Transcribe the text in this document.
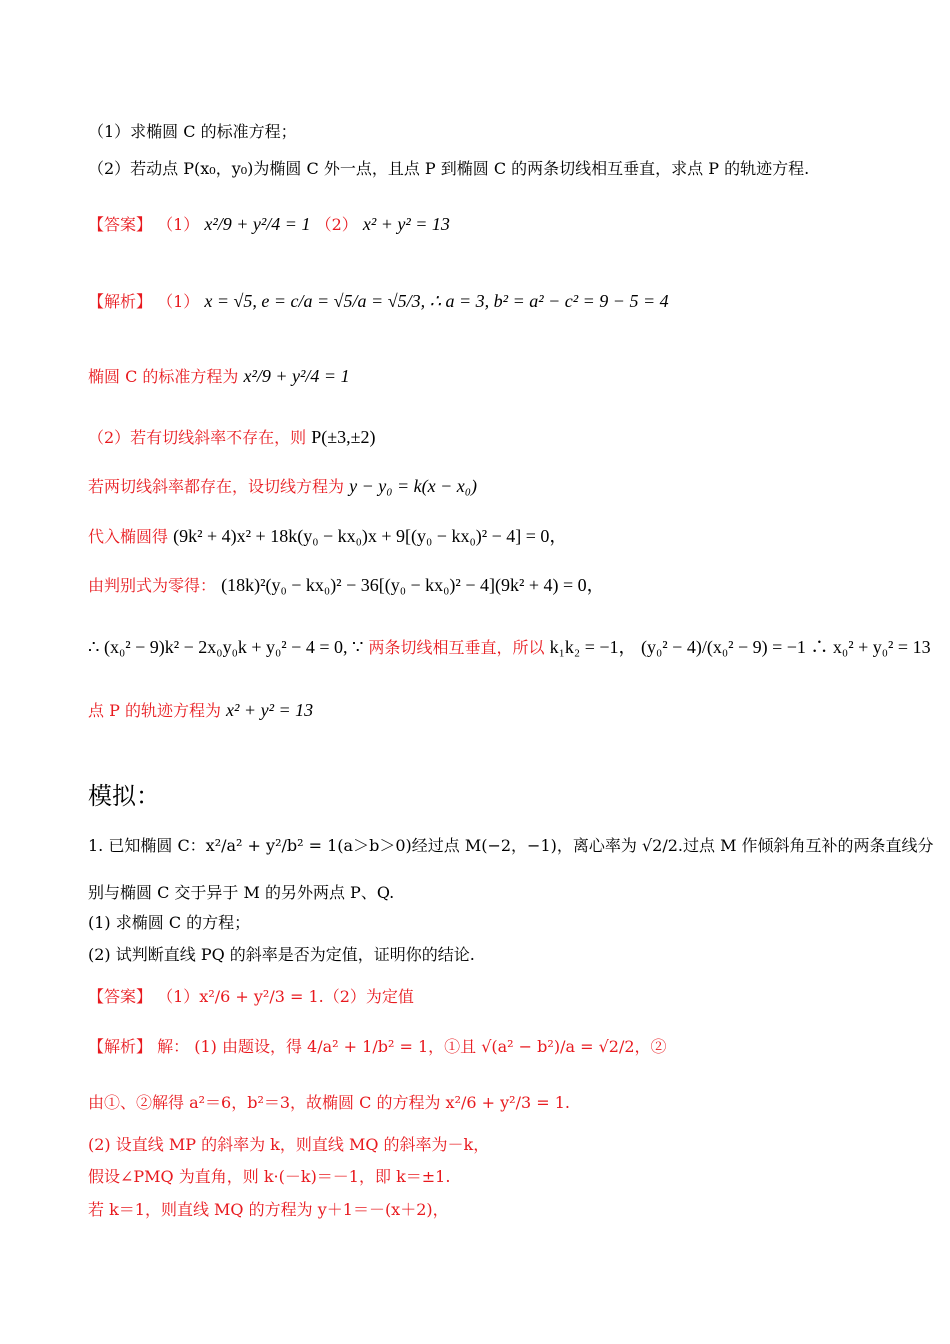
（1）求椭圆 C 的标准方程；
（2）若动点 P(x₀，y₀)为椭圆 C 外一点，且点 P 到椭圆 C 的两条切线相互垂直，求点 P 的轨迹方程.
【答案】 （1） x²/9 + y²/4 = 1 （2） x² + y² = 13
【解析】 （1） x = √5, e = c/a = √5/a = √5/3, ∴ a = 3, b² = a² − c² = 9 − 5 = 4
椭圆 C 的标准方程为 x²/9 + y²/4 = 1
（2）若有切线斜率不存在，则 P(±3,±2)
若两切线斜率都存在，设切线方程为 y − y₀ = k(x − x₀)
代入椭圆得 (9k² + 4)x² + 18k(y₀ − kx₀)x + 9[(y₀ − kx₀)² − 4] = 0，
由判别式为零得： (18k)²(y₀ − kx₀)² − 36[(y₀ − kx₀)² − 4](9k² + 4) = 0，
∴ (x₀² − 9)k² − 2x₀y₀k + y₀² − 4 = 0, ∵ 两条切线相互垂直，所以 k₁k₂ = −1， (y₀² − 4)/(x₀² − 9) = −1 ∴ x₀² + y₀² = 13
点 P 的轨迹方程为 x² + y² = 13
模拟：
1. 已知椭圆 C：x²/a² + y²/b² = 1(a＞b＞0)经过点 M(−2，−1)，离心率为 √2/2.过点 M 作倾斜角互补的两条直线分
别与椭圆 C 交于异于 M 的另外两点 P、Q.
(1) 求椭圆 C 的方程；
(2) 试判断直线 PQ 的斜率是否为定值，证明你的结论.
【答案】 （1）x²/6 + y²/3 = 1.（2）为定值
【解析】 解： (1) 由题设，得 4/a² + 1/b² = 1，①且 √(a² − b²)/a = √2/2，②
由①、②解得 a²＝6，b²＝3，故椭圆 C 的方程为 x²/6 + y²/3 = 1.
(2) 设直线 MP 的斜率为 k，则直线 MQ 的斜率为－k，
假设∠PMQ 为直角，则 k·(－k)＝－1，即 k＝±1.
若 k＝1，则直线 MQ 的方程为 y＋1＝－(x＋2)，
